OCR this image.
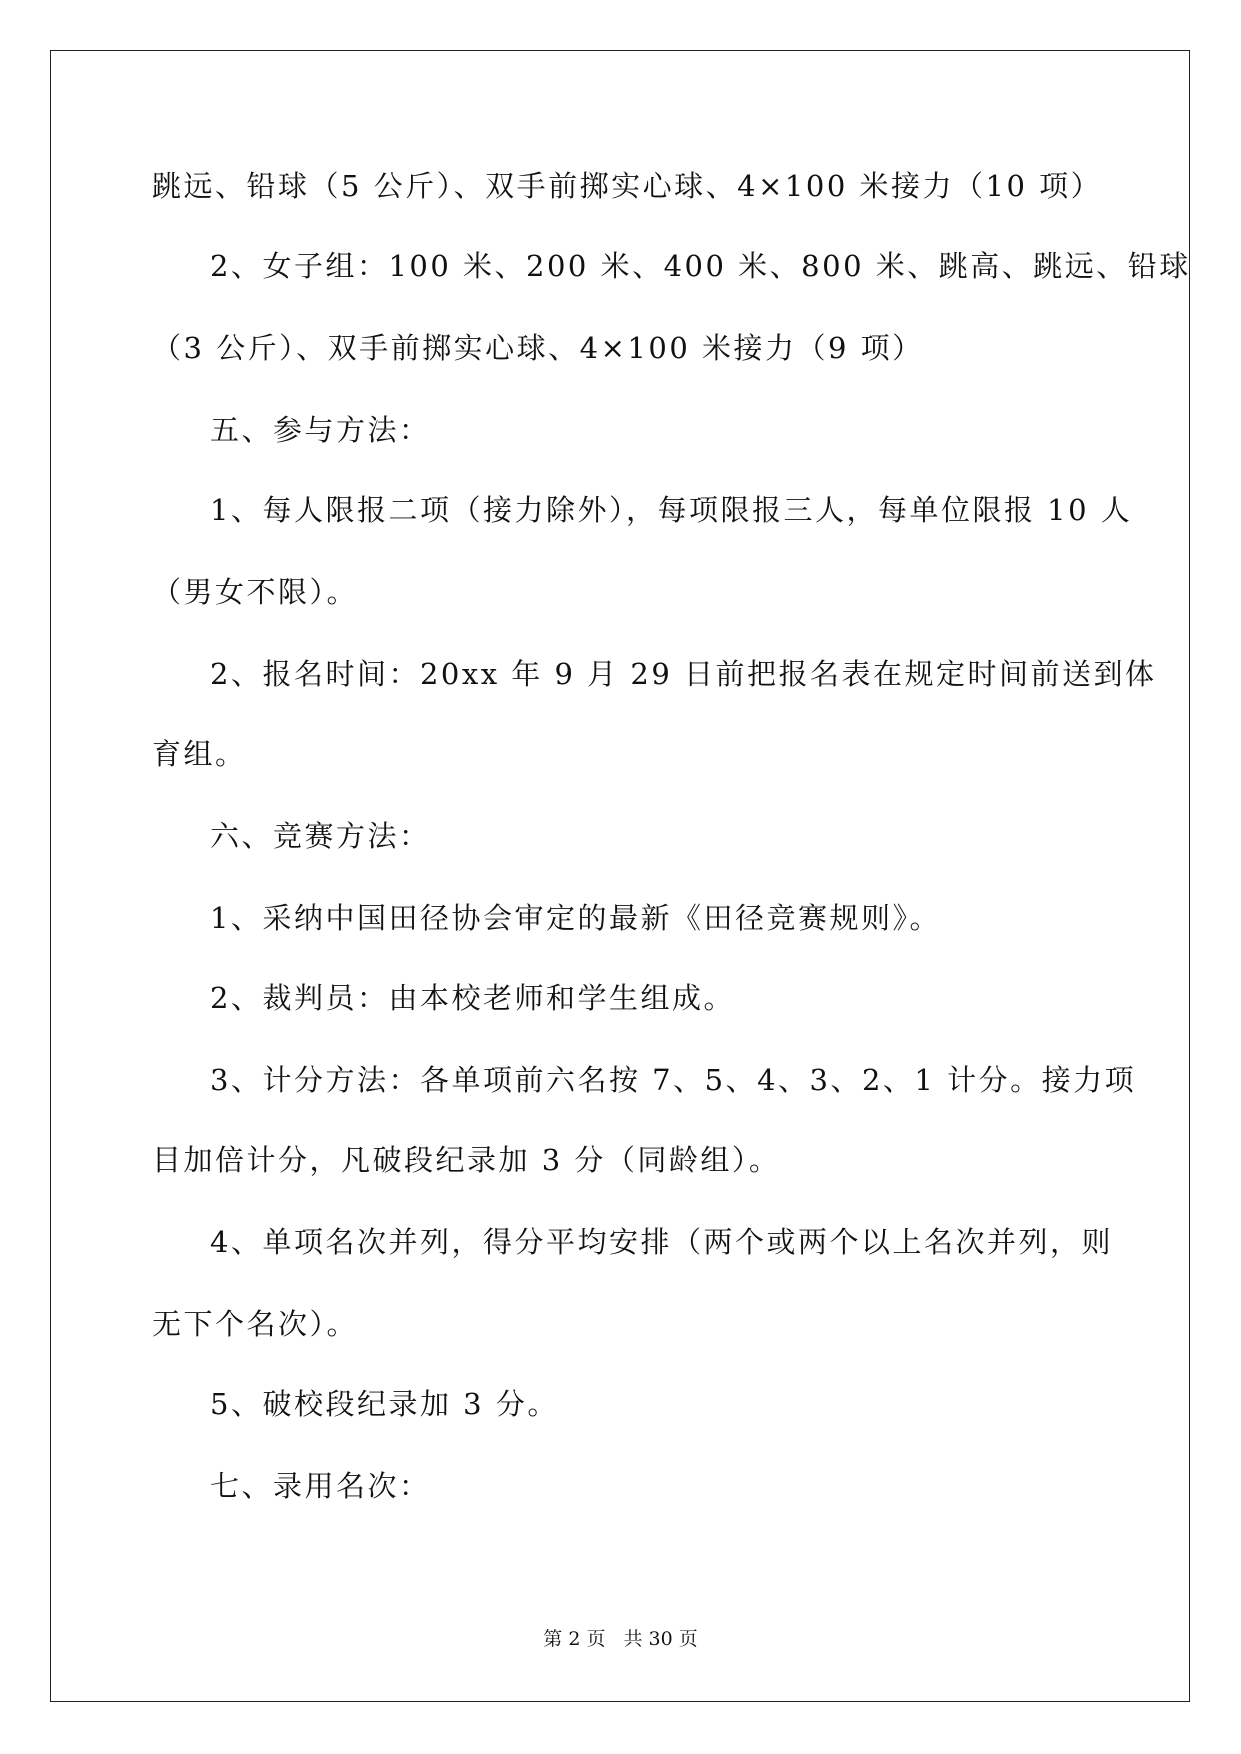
跳远、铅球（5 公斤）、双手前掷实心球、4×100 米接力（10 项）
2、女子组：100 米、200 米、400 米、800 米、跳高、跳远、铅球
（3 公斤）、双手前掷实心球、4×100 米接力（9 项）
五、参与方法：
1、每人限报二项（接力除外），每项限报三人，每单位限报 10 人
（男女不限）。
2、报名时间：20xx 年 9 月 29 日前把报名表在规定时间前送到体
育组。
六、竞赛方法：
1、采纳中国田径协会审定的最新《田径竞赛规则》。
2、裁判员：由本校老师和学生组成。
3、计分方法：各单项前六名按 7、5、4、3、2、1 计分。接力项
目加倍计分，凡破段纪录加 3 分（同龄组）。
4、单项名次并列，得分平均安排（两个或两个以上名次并列，则
无下个名次）。
5、破校段纪录加 3 分。
七、录用名次：
第 2 页 共 30 页
